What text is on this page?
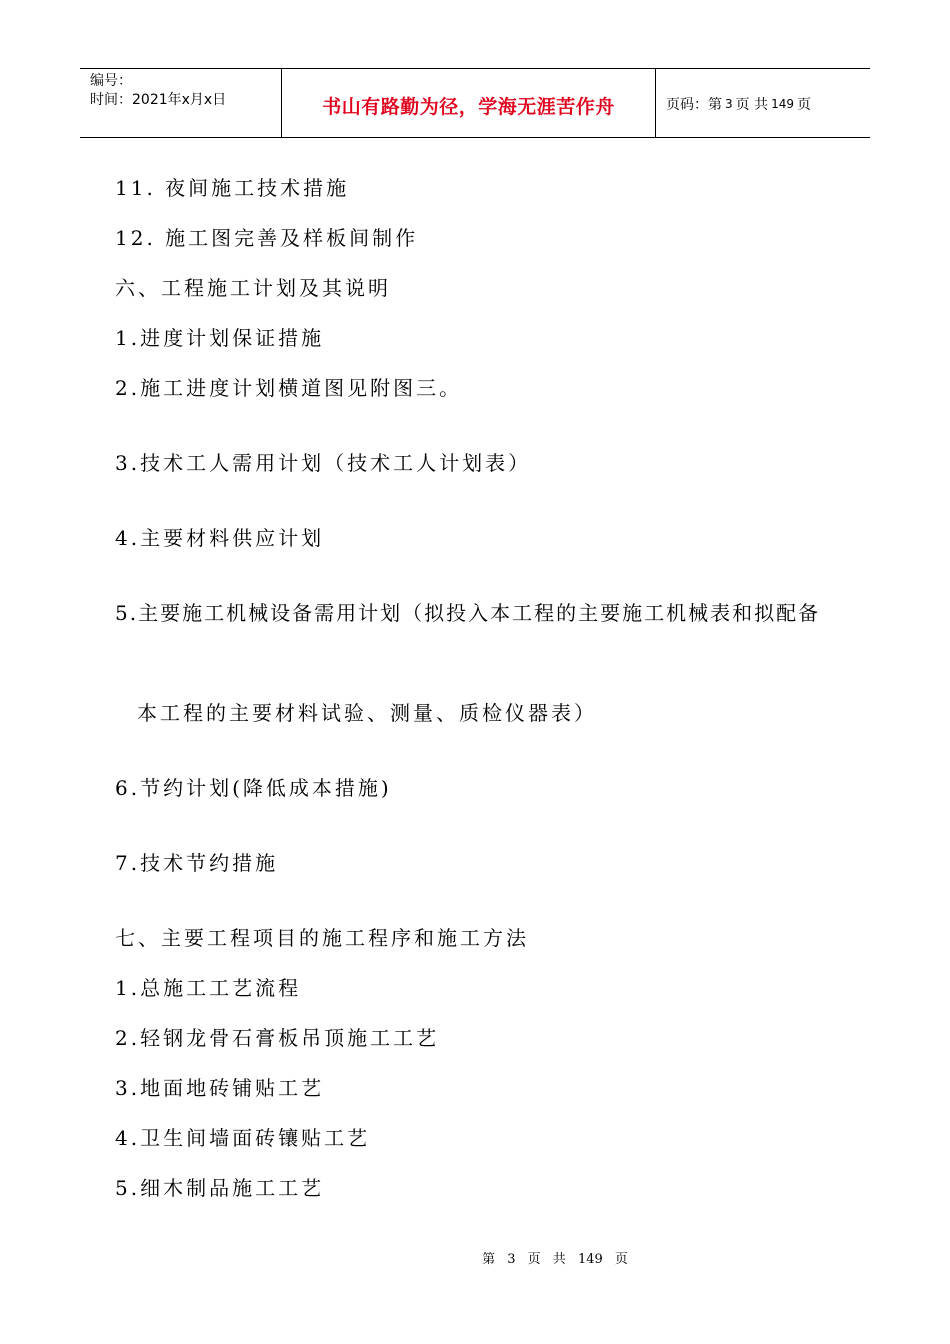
编号：
时间：2021年x月x日	书山有路勤为径，学海无涯苦作舟	页码：第 3 页 共 149 页
11. 夜间施工技术措施
12. 施工图完善及样板间制作
六、工程施工计划及其说明
1.进度计划保证措施
2.施工进度计划横道图见附图三。
3.技术工人需用计划（技术工人计划表）
4.主要材料供应计划
5.主要施工机械设备需用计划（拟投入本工程的主要施工机械表和拟配备
本工程的主要材料试验、测量、质检仪器表）
6.节约计划(降低成本措施)
7.技术节约措施
七、主要工程项目的施工程序和施工方法
1.总施工工艺流程
2.轻钢龙骨石膏板吊顶施工工艺
3.地面地砖铺贴工艺
4.卫生间墙面砖镶贴工艺
5.细木制品施工工艺
第 3 页 共 149 页
